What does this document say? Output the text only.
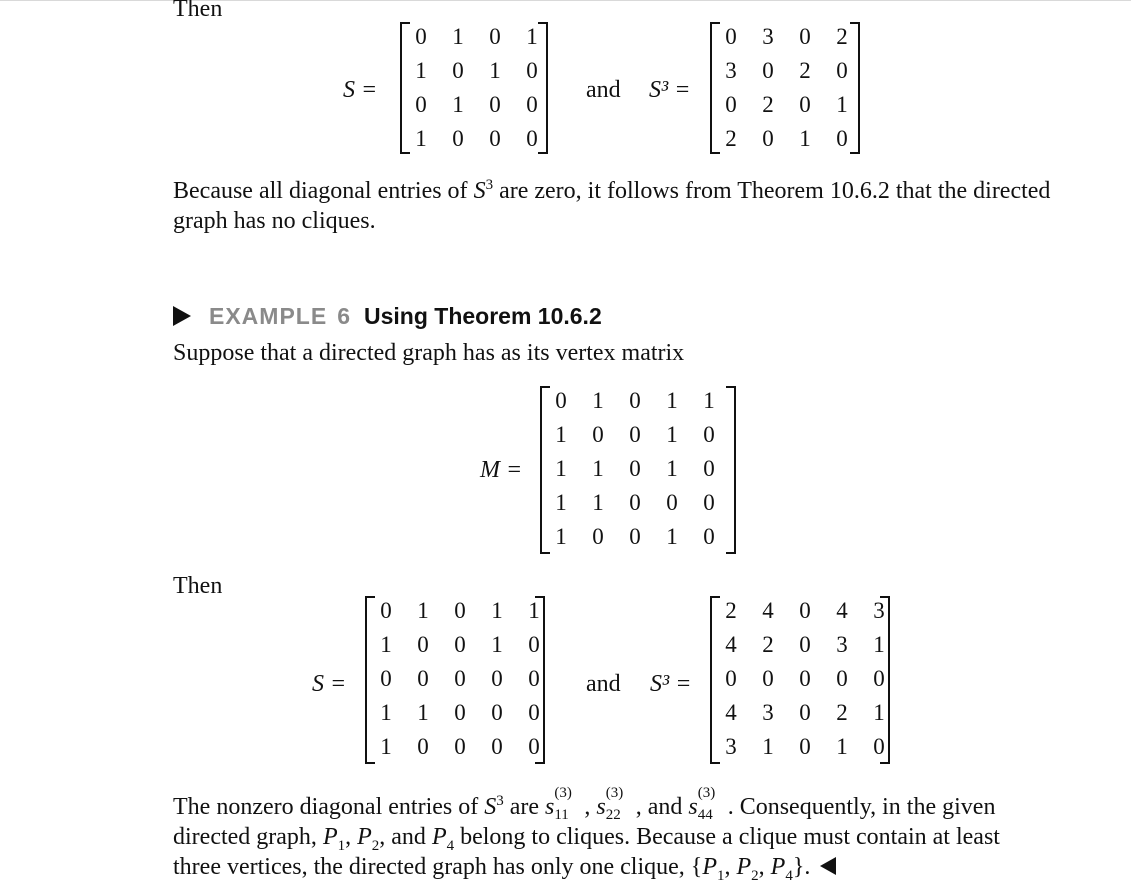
Then
S =
0	1	0	1
1	0	1	0
0	1	0	0
1	0	0	0
and S³ =
0	3	0	2
3	0	2	0
0	2	0	1
2	0	1	0
Because all diagonal entries of $S^3$ are zero, it follows from Theorem 10.6.2 that the directed graph has no cliques.
EXAMPLE 6 Using Theorem 10.6.2
Suppose that a directed graph has as its vertex matrix
M =
0	1	0	1	1
1	0	0	1	0
1	1	0	1	0
1	1	0	0	0
1	0	0	1	0
Then
S =
0	1	0	1	1
1	0	0	1	0
0	0	0	0	0
1	1	0	0	0
1	0	0	0	0
and S³ =
2	4	0	4	3
4	2	0	3	1
0	0	0	0	0
4	3	0	2	1
3	1	0	1	0
The nonzero diagonal entries of $S^3$ are s
(3)
11 , s
(3)
22 , and s
(3)
44 . Consequently, in the given
directed graph, $P_1$, $P_2$, and $P_4$ belong to cliques. Because a clique must contain at least
three vertices, the directed graph has only one clique, {$P_1$, $P_2$, $P_4$}.
